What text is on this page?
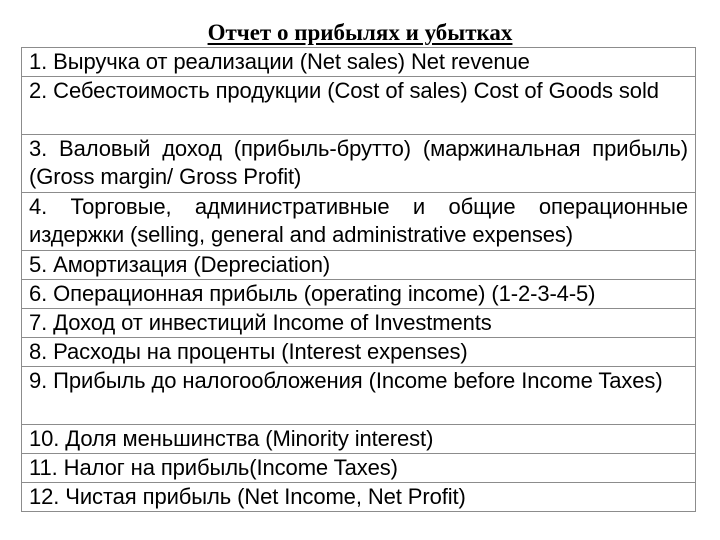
Отчет о прибылях и убытках
1. Выручка от реализации (Net sales) Net revenue
2. Себестоимость продукции (Cost of sales) Cost of Goods sold
3. Валовый доход (прибыль-брутто) (маржинальная прибыль) (Gross margin/ Gross Profit)
4. Торговые, административные и общие операционные издержки (selling, general and administrative expenses)
5. Амортизация (Depreciation)
6. Операционная прибыль (operating income) (1-2-3-4-5)
7. Доход от инвестиций Income of Investments
8. Расходы на проценты (Interest expenses)
9. Прибыль до налогообложения (Income before Income Taxes)
10. Доля меньшинства (Minority interest)
11. Налог на прибыль(Income Taxes)
12. Чистая прибыль (Net Income, Net Profit)
